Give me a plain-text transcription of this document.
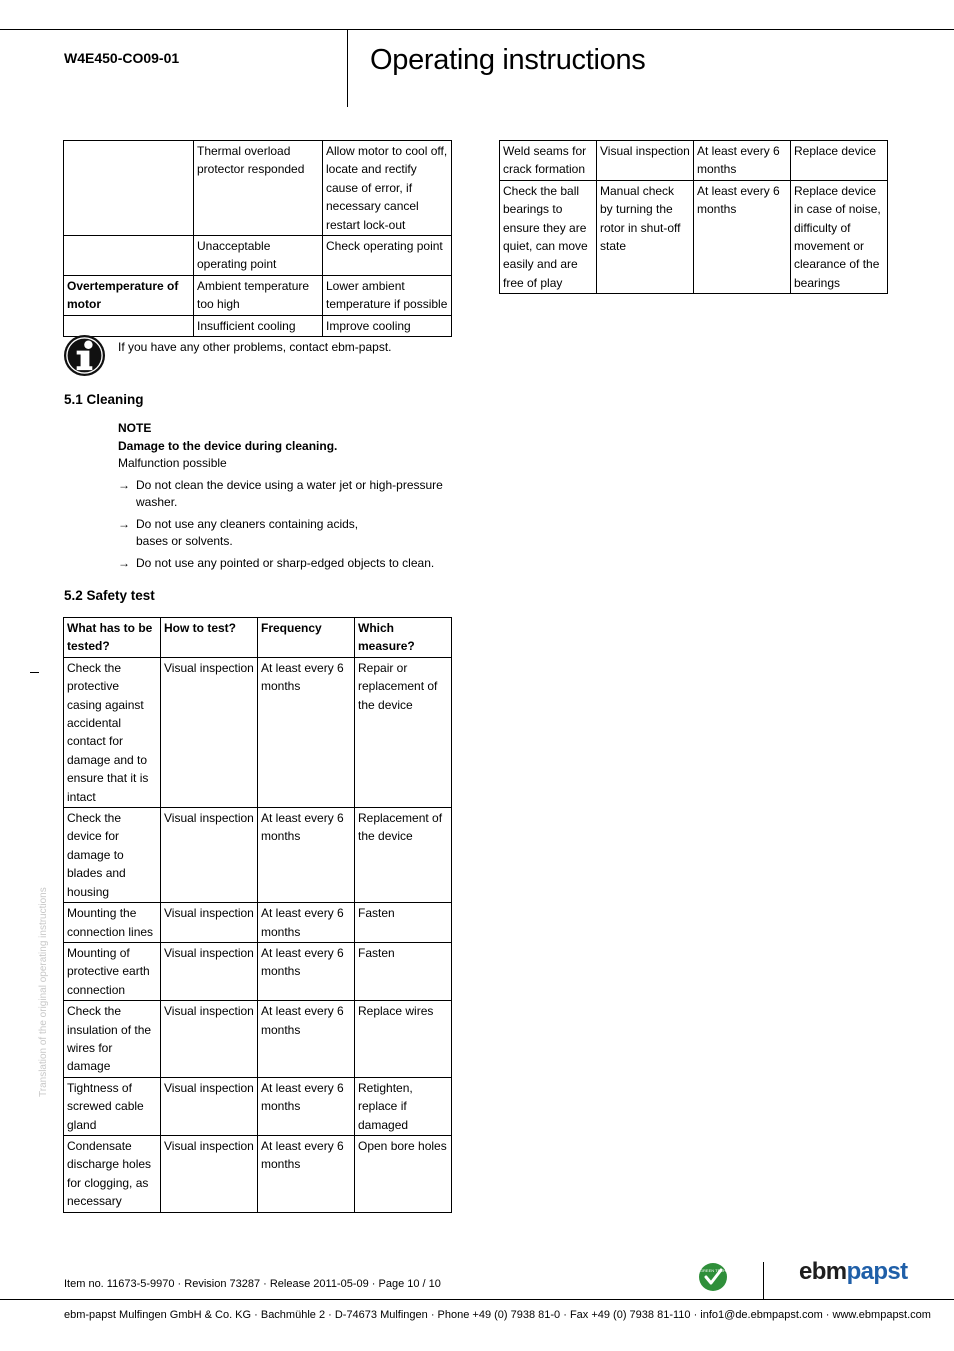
W4E450-CO09-01	Operating instructions
	Thermal overload protector responded	Allow motor to cool off, locate and rectify cause of error, if necessary cancel restart lock-out
	Unacceptable operating point	Check operating point
Overtemperature of motor	Ambient temperature too high	Lower ambient temperature if possible
	Insufficient cooling	Improve cooling
If you have any other problems, contact ebm-papst.
5.1 Cleaning
NOTE
Damage to the device during cleaning.
Malfunction possible
→ Do not clean the device using a water jet or high-pressure washer.
→ Do not use any cleaners containing acids, bases or solvents.
→ Do not use any pointed or sharp-edged objects to clean.
5.2 Safety test
What has to be tested?	How to test?	Frequency	Which measure?
Check the protective casing against accidental contact for damage and to ensure that it is intact	Visual inspection	At least every 6 months	Repair or replacement of the device
Check the device for damage to blades and housing	Visual inspection	At least every 6 months	Replacement of the device
Mounting the connection lines	Visual inspection	At least every 6 months	Fasten
Mounting of protective earth connection	Visual inspection	At least every 6 months	Fasten
Check the insulation of the wires for damage	Visual inspection	At least every 6 months	Replace wires
Tightness of screwed cable gland	Visual inspection	At least every 6 months	Retighten, replace if damaged
Condensate discharge holes for clogging, as necessary	Visual inspection	At least every 6 months	Open bore holes
Weld seams for crack formation	Visual inspection	At least every 6 months	Replace device
Check the ball bearings to ensure they are quiet, can move easily and are free of play	Manual check by turning the rotor in shut-off state	At least every 6 months	Replace device in case of noise, difficulty of movement or clearance of the bearings
Translation of the original operating instructions
Item no. 11673-5-9970 · Revision 73287 · Release 2011-05-09 · Page 10 / 10
GREEN TECH	ebmpapst
ebm-papst Mulfingen GmbH & Co. KG · Bachmühle 2 · D-74673 Mulfingen · Phone +49 (0) 7938 81-0 · Fax +49 (0) 7938 81-110 · info1@de.ebmpapst.com · www.ebmpapst.com
